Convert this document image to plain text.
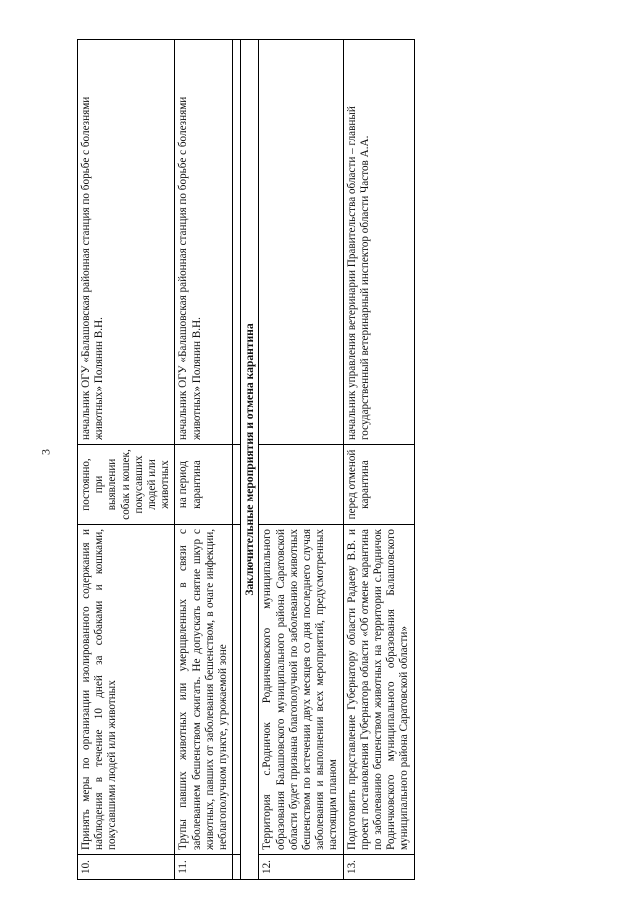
3
10.	Принять меры по организации изолированного содержания и наблюдения в течение 10 дней за собаками и кошками, покусавшими людей или животных	постоянно, при выявлении собак и кошек, покусавших людей или животных	начальник ОГУ «Балашовская районная станция по борьбе с болезнями животных» Полянин В.Н.
11.	Трупы павших животных или умерщвленных в связи с заболеванием бешенством сжигать. Не допускать снятие шкур с животных, павших от заболевания бешенством, в очаге инфекции, неблагополучном пункте, угрожаемой зоне	на период карантина	начальник ОГУ «Балашовская районная станция по борьбе с болезнями животных» Полянин В.Н.

Заключительные мероприятия и отмена карантина			
12.	Территория с.Родничок Родничковского муниципального образования Балашовского муниципального района Саратовской области будет признана благополучной по заболеванию животных бешенством по истечении двух месяцев со дня последнего случая заболевания и выполнении всех мероприятий, предусмотренных настоящим планом		
13.	Подготовить представление Губернатору области Радаеву В.В. и проект постановления Губернатора области «Об отмене карантина по заболеванию бешенством животных на территории с.Родничок Родничковского муниципального образования Балашовского муниципального района Саратовской области»	перед отменой карантина	начальник управления ветеринарии Правительства области – главный государственный ветеринарный инспектор области Частов А.А.
